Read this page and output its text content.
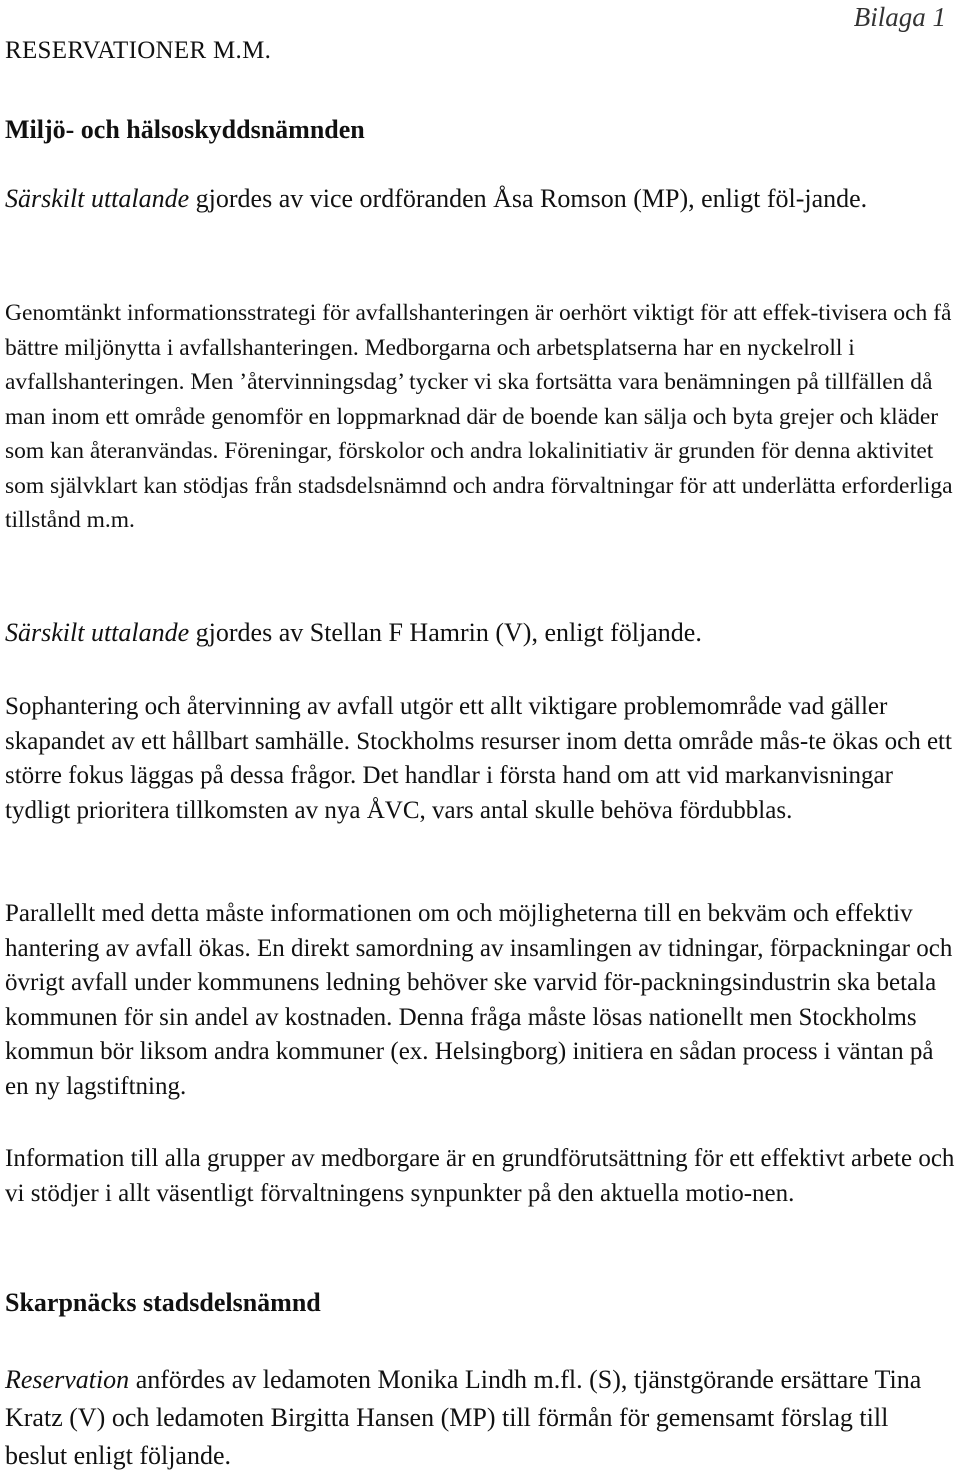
Bilaga 1
RESERVATIONER M.M.
Miljö- och hälsoskyddsnämnden

Särskilt uttalande gjordes av vice ordföranden Åsa Romson (MP), enligt föl-jande.

Genomtänkt informationsstrategi för avfallshanteringen är oerhört viktigt för att effek-tivisera och få bättre miljönytta i avfallshanteringen. Medborgarna och arbetsplatserna har en nyckelroll i avfallshanteringen. Men ’återvinningsdag’ tycker vi ska fortsätta vara benämningen på tillfällen då man inom ett område genomför en loppmarknad där de boende kan sälja och byta grejer och kläder som kan återanvändas. Föreningar, förskolor och andra lokalinitiativ är grunden för denna aktivitet som självklart kan stödjas från stadsdelsnämnd och andra förvaltningar för att underlätta erforderliga tillstånd m.m.

Särskilt uttalande gjordes av Stellan F Hamrin (V), enligt följande.

Sophantering och återvinning av avfall utgör ett allt viktigare problemområde vad gäller skapandet av ett hållbart samhälle. Stockholms resurser inom detta område mås-te ökas och ett större fokus läggas på dessa frågor. Det handlar i första hand om att vid markanvisningar tydligt prioritera tillkomsten av nya ÅVC, vars antal skulle behöva fördubblas.

Parallellt med detta måste informationen om och möjligheterna till en bekväm och effektiv hantering av avfall ökas. En direkt samordning av insamlingen av tidningar, förpackningar och övrigt avfall under kommunens ledning behöver ske varvid för-packningsindustrin ska betala kommunen för sin andel av kostnaden. Denna fråga måste lösas nationellt men Stockholms kommun bör liksom andra kommuner (ex. Helsingborg) initiera en sådan process i väntan på en ny lagstiftning.

Information till alla grupper av medborgare är en grundförutsättning för ett effektivt arbete och vi stödjer i allt väsentligt förvaltningens synpunkter på den aktuella motio-nen.

Skarpnäcks stadsdelsnämnd

Reservation anfördes av ledamoten Monika Lindh m.fl. (S), tjänstgörande ersättare Tina Kratz (V) och ledamoten Birgitta Hansen (MP) till förmån för gemensamt förslag till beslut enligt följande.
